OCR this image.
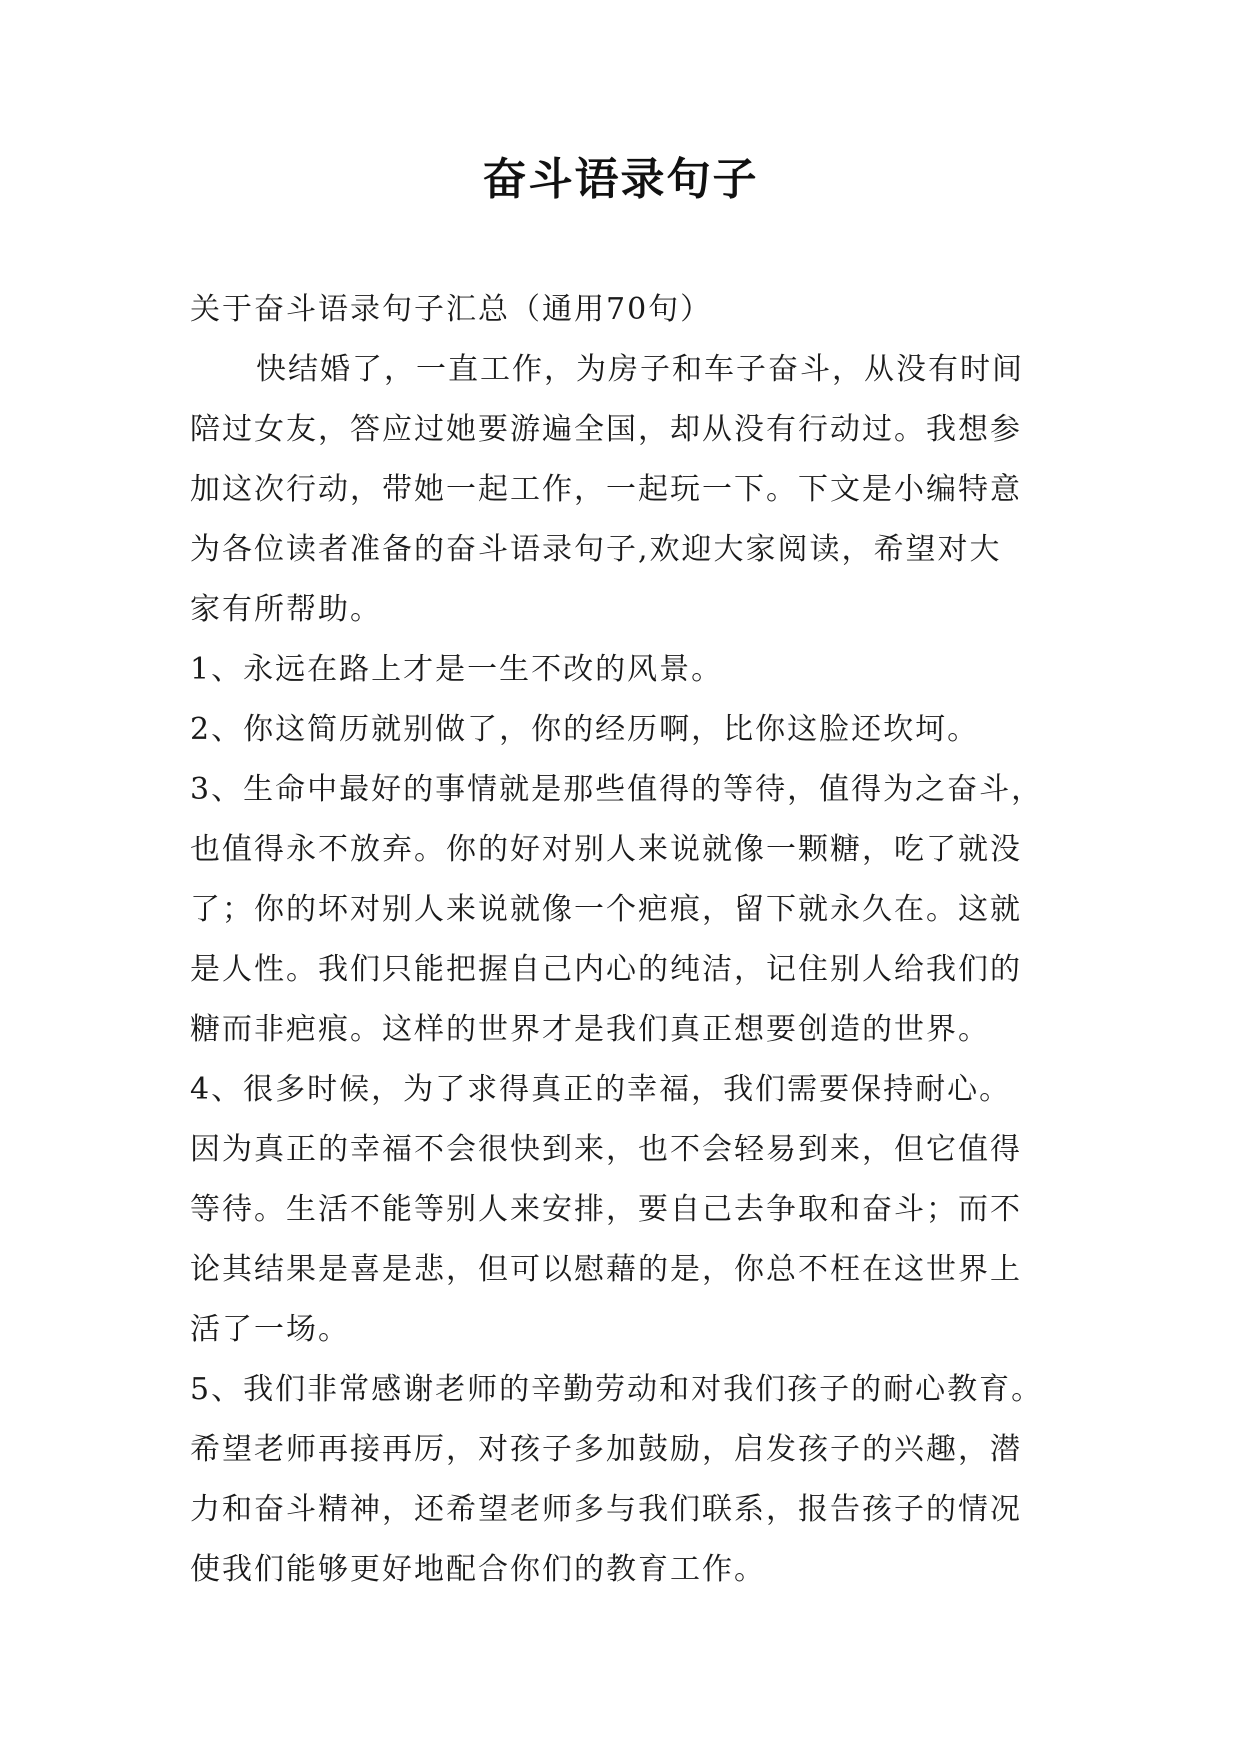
奋斗语录句子
关于奋斗语录句子汇总（通用70句）
快结婚了，一直工作，为房子和车子奋斗，从没有时间
陪过女友，答应过她要游遍全国，却从没有行动过。我想参
加这次行动，带她一起工作，一起玩一下。下文是小编特意
为各位读者准备的奋斗语录句子,欢迎大家阅读，希望对大
家有所帮助。
1、永远在路上才是一生不改的风景。
2、你这简历就别做了，你的经历啊，比你这脸还坎坷。
3、生命中最好的事情就是那些值得的等待，值得为之奋斗，
也值得永不放弃。你的好对别人来说就像一颗糖，吃了就没
了；你的坏对别人来说就像一个疤痕，留下就永久在。这就
是人性。我们只能把握自己内心的纯洁，记住别人给我们的
糖而非疤痕。这样的世界才是我们真正想要创造的世界。
4、很多时候，为了求得真正的幸福，我们需要保持耐心。
因为真正的幸福不会很快到来，也不会轻易到来，但它值得
等待。生活不能等别人来安排，要自己去争取和奋斗；而不
论其结果是喜是悲，但可以慰藉的是，你总不枉在这世界上
活了一场。
5、我们非常感谢老师的辛勤劳动和对我们孩子的耐心教育。
希望老师再接再厉，对孩子多加鼓励，启发孩子的兴趣，潜
力和奋斗精神，还希望老师多与我们联系，报告孩子的情况
使我们能够更好地配合你们的教育工作。
